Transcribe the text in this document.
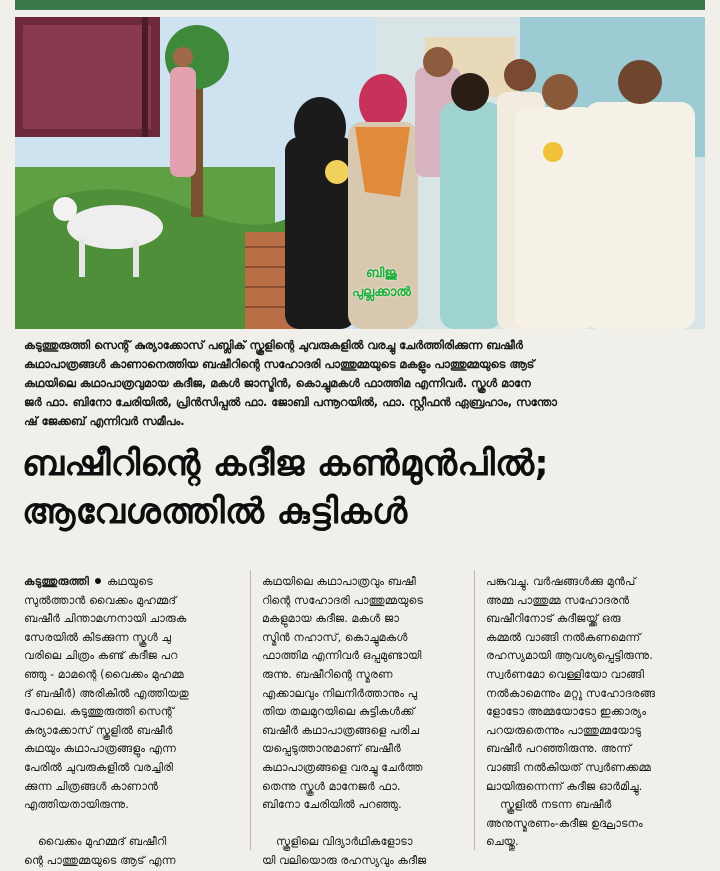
ബിജു
പുല്ലക്കാൽ
കടുത്തുരുത്തി സെന്റ് കുര്യാക്കോസ് പബ്ലിക് സ്കൂളിന്റെ ചുവരുകളിൽ വരച്ചു ചേർത്തിരിക്കുന്ന ബഷീർ
കഥാപാത്രങ്ങൾ കാണാനെത്തിയ ബഷീറിന്റെ സഹോദരി പാത്തുമ്മയുടെ മകളും പാത്തുമ്മയുടെ ആട്
കഥയിലെ കഥാപാത്രവുമായ കദീജ, മകൾ ജാസ്മിൻ, കൊച്ചുമകൾ ഫാത്തിമ എന്നിവർ. സ്കൂൾ മാനേ
ജർ ഫാ. ബിനോ ചേരിയിൽ, പ്രിൻസിപ്പൽ ഫാ. ജോബി പന്നൂറയിൽ, ഫാ. സ്റ്റീഫൻ ഏബ്രഹാം, സന്തോ
ഷ് ജേക്കബ് എന്നിവർ സമീപം.
ബഷീറിന്റെ കദീജ കൺമുൻപിൽ;
ആവേശത്തിൽ കുട്ടികൾ
കടുത്തുരുത്തി കഥയുടെ
സുൽത്താൻ വൈക്കം മുഹമ്മദ്
ബഷീർ ചിന്താമഗ്നനായി ചാരുക
സേരയിൽ കിടക്കുന്ന സ്കൂൾ ചു
വരിലെ ചിത്രം കണ്ട് കദീജ പറ
ഞ്ഞു - മാമന്റെ (വൈക്കം മുഹമ്മ
ദ് ബഷീർ) അരികിൽ എത്തിയതു
പോലെ. കടുത്തുരുത്തി സെന്റ്
കുര്യാക്കോസ് സ്കൂളിൽ ബഷീർ
കഥയും കഥാപാത്രങ്ങളും എന്ന
പേരിൽ ചുവരുകളിൽ വരച്ചിരി
ക്കുന്ന ചിത്രങ്ങൾ കാണാൻ
എത്തിയതായിരുന്നു.
വൈക്കം മുഹമ്മദ് ബഷീറി
ന്റെ പാത്തുമ്മയുടെ ആട് എന്ന
കഥയിലെ കഥാപാത്രവും ബഷീ
റിന്റെ സഹോദരി പാത്തുമ്മയുടെ
മകളുമായ കദീജ. മകൾ ജാ
സ്മിൻ നഹാസ്, കൊച്ചുമകൾ
ഫാത്തിമ എന്നിവർ ഒപ്പമുണ്ടായി
രുന്നു. ബഷീറിന്റെ സ്മരണ
എക്കാലവും നിലനിർത്താനും പു
തിയ തലമുറയിലെ കുട്ടികൾക്ക്
ബഷീർ കഥാപാത്രങ്ങളെ പരിച
യപ്പെടുത്താനുമാണ് ബഷീർ
കഥാപാത്രങ്ങളെ വരച്ചു ചേർത്ത
തെന്നു സ്കൂൾ മാനേജർ ഫാ.
ബിനോ ചേരിയിൽ പറഞ്ഞു.
സ്കൂളിലെ വിദ്യാർഥികളോടാ
യി വലിയൊരു രഹസ്യവും കദീജ
പങ്കുവച്ചു. വർഷങ്ങൾക്കു മുൻപ്
അമ്മ പാത്തുമ്മ സഹോദരൻ
ബഷീറിനോട് കദീജയ്ക്ക് ഒരു
കമ്മൽ വാങ്ങി നൽകണമെന്ന്
രഹസ്യമായി ആവശ്യപ്പെട്ടിരുന്നു.
സ്വർണമോ വെള്ളിയോ വാങ്ങി
നൽകാമെന്നും മറ്റു സഹോദരങ്ങ
ളോടോ അമ്മയോടോ ഇക്കാര്യം
പറയരുതെന്നും പാത്തുമ്മയോടു
ബഷീർ പറഞ്ഞിരുന്നു. അന്ന്
വാങ്ങി നൽകിയത് സ്വർണക്കമ്മ
ലായിരുന്നെന്ന് കദീജ ഓർമിച്ചു.
സ്കൂളിൽ നടന്ന ബഷീർ
അനുസ്മരണം-കദീജ ഉദ്ഘാടനം
ചെയ്തു.
